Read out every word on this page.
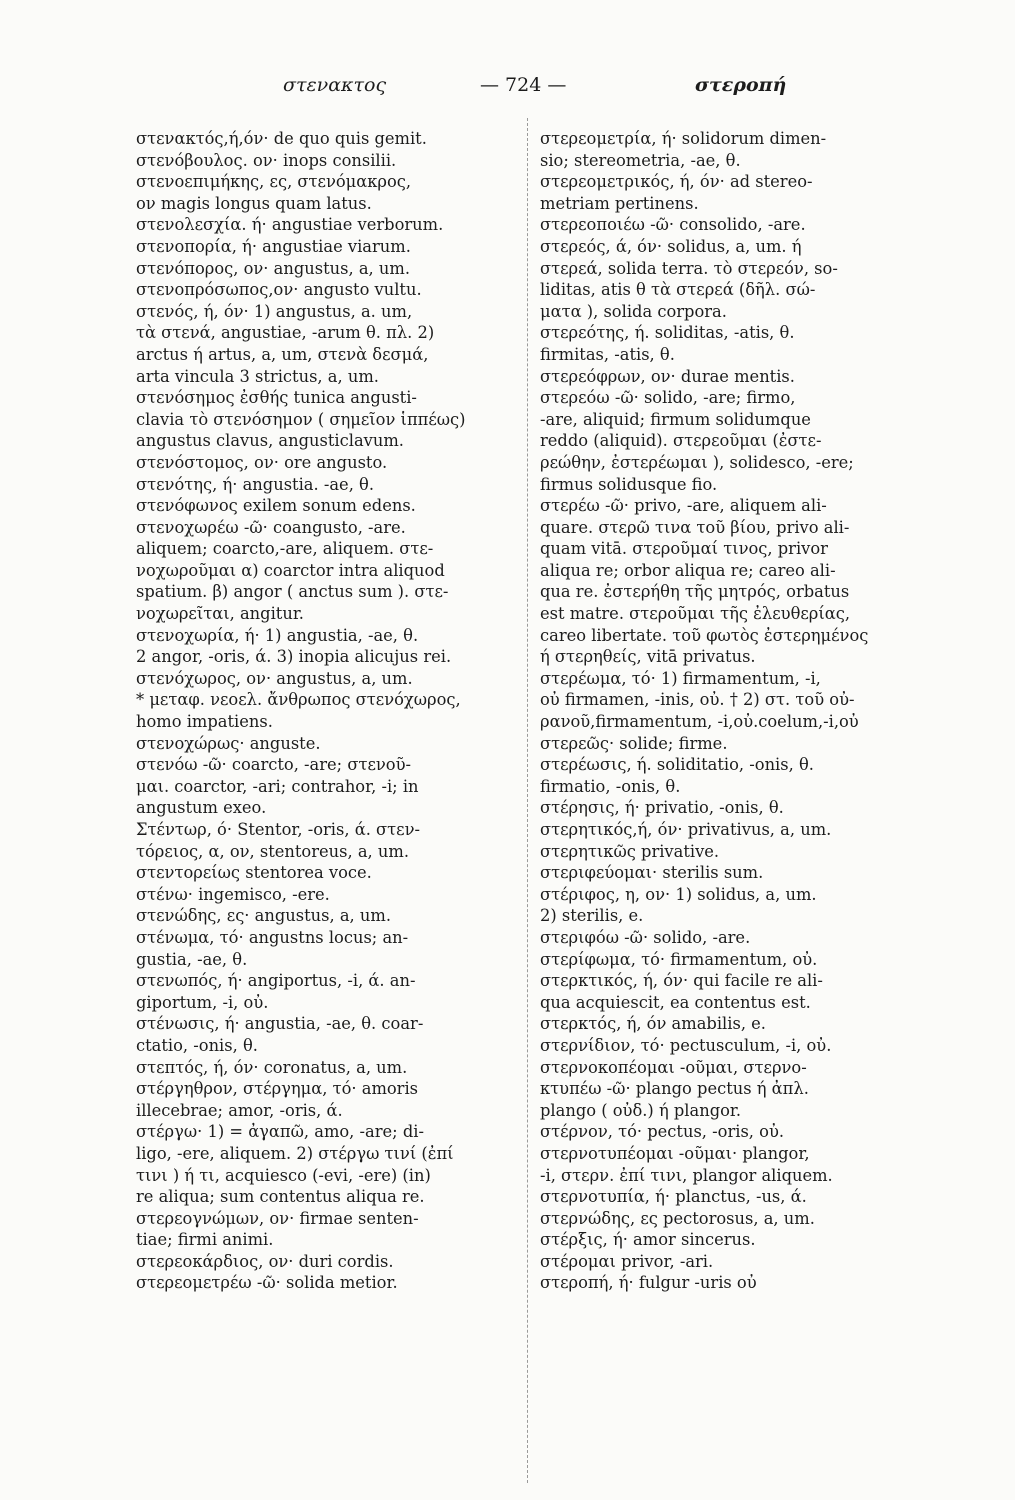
στενακτος	— 724 —	στεροπή
στενακτός,ή,όν· de quo quis gemit.
στενόβουλος. ον· inops consilii.
στενοεπιμήκης, ες, στενόμακρος,
ον magis longus quam latus.
στενολεσχία. ή· angustiae verborum.
στενοπορία, ή· angustiae viarum.
στενόπορος, ον· angustus, a, um.
στενοπρόσωπος,ον· angusto vultu.
στενός, ή, όν· 1) angustus, a. um,
τὰ στενά, angustiae, -arum θ. πλ. 2)
arctus ή artus, a, um, στενὰ δεσμά,
arta vincula 3 strictus, a, um.
στενόσημος ἐσθής tunica angusti-
clavia τὸ στενόσημον ( σημεῖον ἱππέως)
angustus clavus, angusticlavum.
στενόστομος, ον· ore angusto.
στενότης, ή· angustia. -ae, θ.
στενόφωνος exilem sonum edens.
στενοχωρέω -ῶ· coangusto, -are.
aliquem; coarcto,-are, aliquem. στε-
νοχωροῦμαι α) coarctor intra aliquod
spatium. β) angor ( anctus sum ). στε-
νοχωρεῖται, angitur.
στενοχωρία, ή· 1) angustia, -ae, θ.
2 angor, -oris, ά. 3) inopia alicujus rei.
στενόχωρος, ον· angustus, a, um.
* μεταφ. νεοελ. ἄνθρωπος στενόχωρος,
homo impatiens.
στενοχώρως· anguste.
στενόω -ῶ· coarcto, -are; στενοῦ-
μαι. coarctor, -ari; contrahor, -i; in
angustum exeo.
Στέντωρ, ό· Stentor, -oris, ά. στεν-
τόρειος, α, ον, stentoreus, a, um.
στεντορείως stentorea voce.
στένω· ingemisco, -ere.
στενώδης, ες· angustus, a, um.
στένωμα, τό· angustns locus; an-
gustia, -ae, θ.
στενωπός, ή· angiportus, -i, ά. an-
giportum, -i, οὐ.
στένωσις, ή· angustia, -ae, θ. coar-
ctatio, -onis, θ.
στεπτός, ή, όν· coronatus, a, um.
στέργηθρον, στέργημα, τό· amoris
illecebrae; amor, -oris, ά.
στέργω· 1) = ἀγαπῶ, amo, -are; di-
ligo, -ere, aliquem. 2) στέργω τινί (ἐπί
τινι ) ή τι, acquiesco (-evi, -ere) (in)
re aliqua; sum contentus aliqua re.
στερεογνώμων, ον· firmae senten-
tiae; firmi animi.
στερεοκάρδιος, ον· duri cordis.
στερεομετρέω -ῶ· solida metior.
στερεομετρία, ή· solidorum dimen-
sio; stereometria, -ae, θ.
στερεομετρικός, ή, όν· ad stereo-
metriam pertinens.
στερεοποιέω -ῶ· consolido, -are.
στερεός, ά, όν· solidus, a, um. ή
στερεά, solida terra. τὸ στερεόν, so-
liditas, atis θ τὰ στερεά (δῆλ. σώ-
ματα ), solida corpora.
στερεότης, ή. soliditas, -atis, θ.
firmitas, -atis, θ.
στερεόφρων, ον· durae mentis.
στερεόω -ῶ· solido, -are; firmo,
-are, aliquid; firmum solidumque
reddo (aliquid). στερεοῦμαι (ἐστε-
ρεώθην, ἐστερέωμαι ), solidesco, -ere;
firmus solidusque fio.
στερέω -ῶ· privo, -are, aliquem ali-
quare. στερῶ τινα τοῦ βίου, privo ali-
quam vitā. στεροῦμαί τινος, privor
aliqua re; orbor aliqua re; careo ali-
qua re. ἐστερήθη τῆς μητρός, orbatus
est matre. στεροῦμαι τῆς ἐλευθερίας,
careo libertate. τοῦ φωτὸς ἐστερημένος
ή στερηθείς, vitā privatus.
στερέωμα, τό· 1) firmamentum, -i,
οὐ firmamen, -inis, οὐ. † 2) στ. τοῦ οὐ-
ρανοῦ,firmamentum, -i,οὐ.coelum,-i,οὐ
στερεῶς· solide; firme.
στερέωσις, ή. soliditatio, -onis, θ.
firmatio, -onis, θ.
στέρησις, ή· privatio, -onis, θ.
στερητικός,ή, όν· privativus, a, um.
στερητικῶς privative.
στεριφεύομαι· sterilis sum.
στέριφος, η, ον· 1) solidus, a, um.
2) sterilis, e.
στεριφόω -ῶ· solido, -are.
στερίφωμα, τό· firmamentum, οὐ.
στερκτικός, ή, όν· qui facile re ali-
qua acquiescit, ea contentus est.
στερκτός, ή, όν amabilis, e.
στερνίδιον, τό· pectusculum, -i, οὐ.
στερνοκοπέομαι -οῦμαι, στερνο-
κτυπέω -ῶ· plango pectus ή ἀπλ.
plango ( οὐδ.) ή plangor.
στέρνον, τό· pectus, -oris, οὐ.
στερνοτυπέομαι -οῦμαι· plangor,
-i, στερν. ἐπί τινι, plangor aliquem.
στερνοτυπία, ή· planctus, -us, ά.
στερνώδης, ες pectorosus, a, um.
στέρξις, ή· amor sincerus.
στέρομαι privor, -ari.
στεροπή, ή· fulgur -uris οὐ
